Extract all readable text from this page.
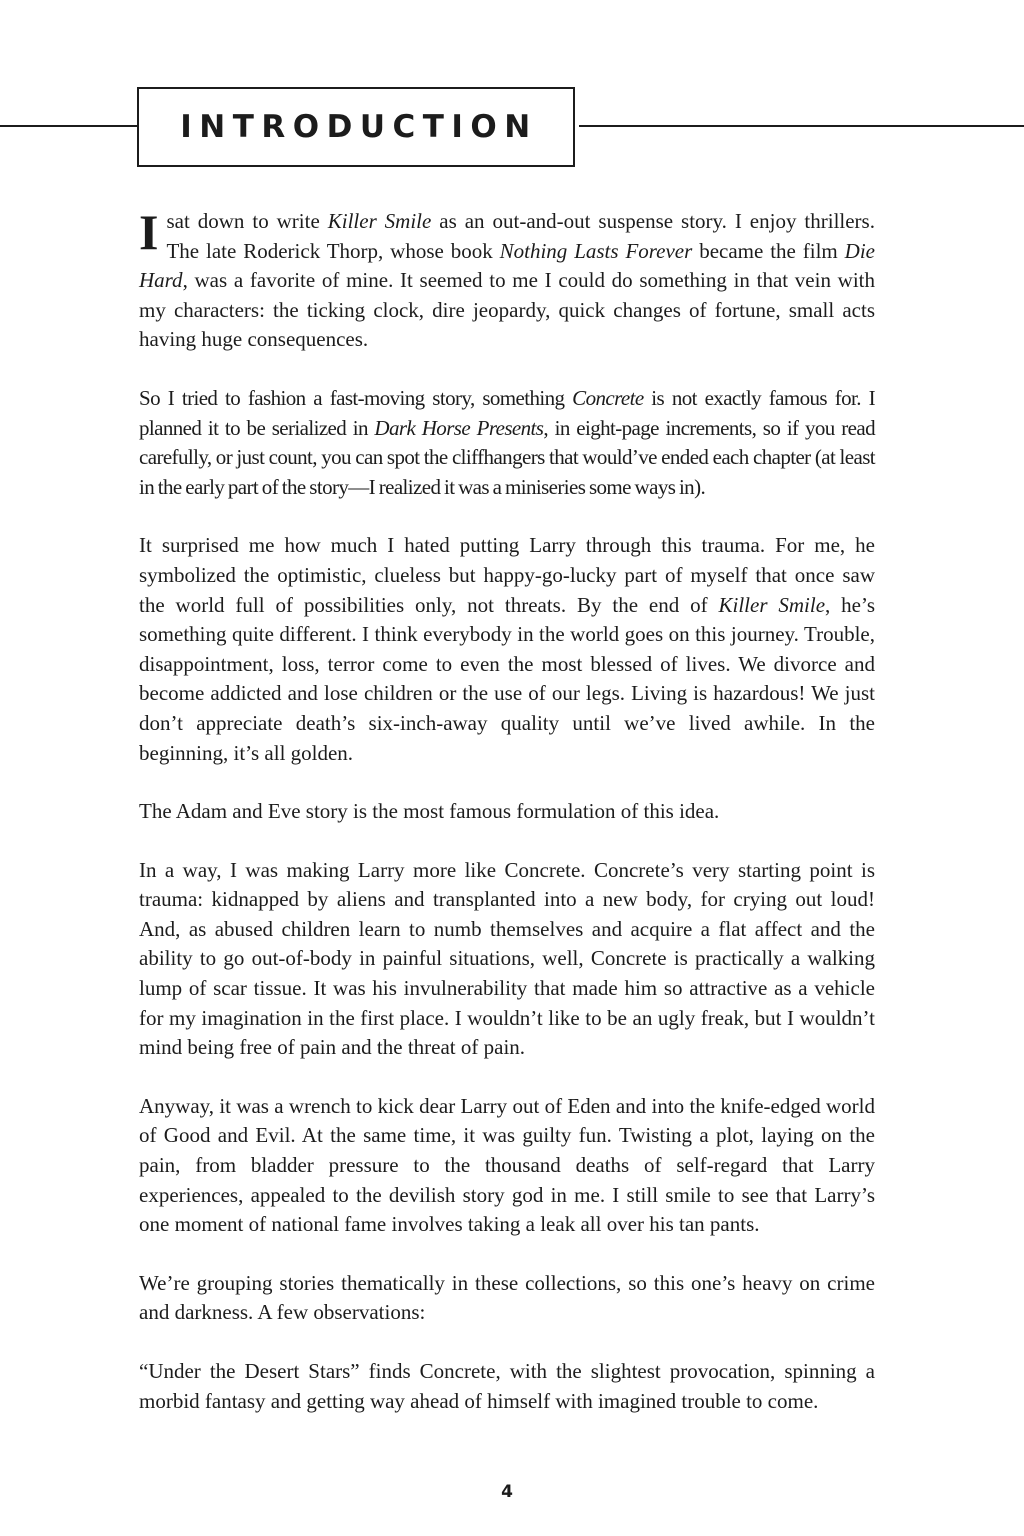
INTRODUCTION

I sat down to write Killer Smile as an out-and-out suspense story. I enjoy thrillers. The late Roderick Thorp, whose book Nothing Lasts Forever became the film Die Hard, was a favorite of mine. It seemed to me I could do something in that vein with my characters: the ticking clock, dire jeopardy, quick changes of fortune, small acts having huge consequences.

So I tried to fashion a fast-moving story, something Concrete is not exactly famous for. I planned it to be serialized in Dark Horse Presents, in eight-page increments, so if you read carefully, or just count, you can spot the cliffhangers that would’ve ended each chapter (at least in the early part of the story—I realized it was a miniseries some ways in).

It surprised me how much I hated putting Larry through this trauma. For me, he symbolized the optimistic, clueless but happy-go-lucky part of myself that once saw the world full of possibilities only, not threats. By the end of Killer Smile, he’s something quite different. I think everybody in the world goes on this journey. Trouble, disappointment, loss, terror come to even the most blessed of lives. We divorce and become addicted and lose children or the use of our legs. Living is hazardous! We just don’t appreciate death’s six-inch-away quality until we’ve lived awhile. In the beginning, it’s all golden.

The Adam and Eve story is the most famous formulation of this idea.

In a way, I was making Larry more like Concrete. Concrete’s very starting point is trauma: kidnapped by aliens and transplanted into a new body, for crying out loud! And, as abused children learn to numb themselves and acquire a flat affect and the ability to go out-of-body in painful situations, well, Concrete is practically a walking lump of scar tissue. It was his invulnerability that made him so attractive as a vehicle for my imagination in the first place. I wouldn’t like to be an ugly freak, but I wouldn’t mind being free of pain and the threat of pain.

Anyway, it was a wrench to kick dear Larry out of Eden and into the knife-edged world of Good and Evil. At the same time, it was guilty fun. Twisting a plot, laying on the pain, from bladder pressure to the thousand deaths of self-regard that Larry experiences, appealed to the devilish story god in me. I still smile to see that Larry’s one moment of national fame involves taking a leak all over his tan pants.

We’re grouping stories thematically in these collections, so this one’s heavy on crime and darkness. A few observations:

“Under the Desert Stars” finds Concrete, with the slightest provocation, spinning a morbid fantasy and getting way ahead of himself with imagined trouble to come.

4
